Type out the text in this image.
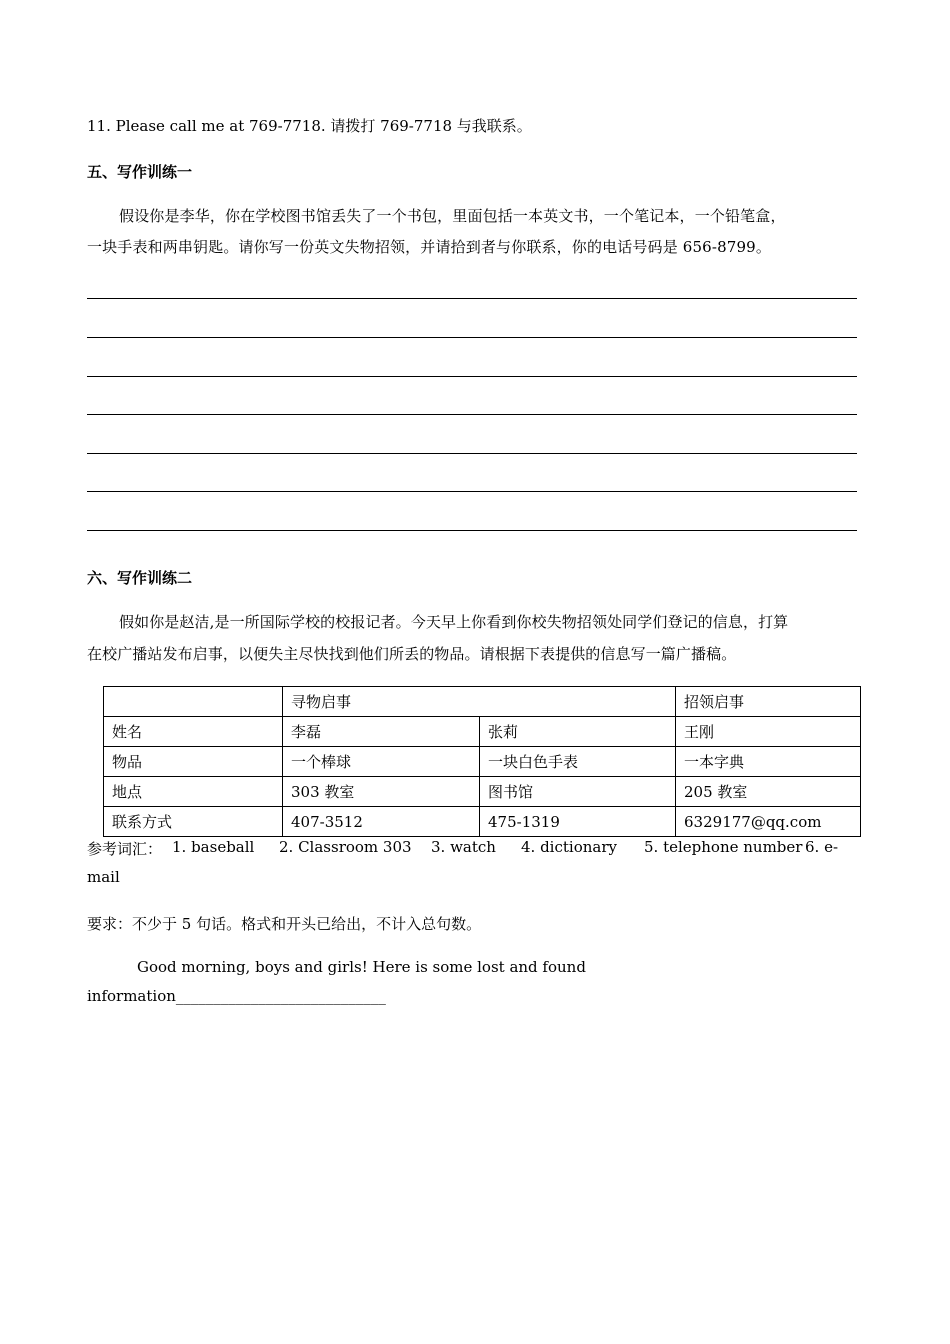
11. Please call me at 769-7718. 请拨打 769-7718 与我联系。
五、写作训练一
假设你是李华，你在学校图书馆丢失了一个书包，里面包括一本英文书，一个笔记本，一个铅笔盒，
一块手表和两串钥匙。请你写一份英文失物招领，并请拾到者与你联系，你的电话号码是 656-8799。
六、写作训练二
假如你是赵洁,是一所国际学校的校报记者。今天早上你看到你校失物招领处同学们登记的信息，打算
在校广播站发布启事，以便失主尽快找到他们所丢的物品。请根据下表提供的信息写一篇广播稿。
	寻物启事		招领启事
姓名	李磊	张莉	王刚
物品	一个棒球	一块白色手表	一本字典
地点	303 教室	图书馆	205 教室
联系方式	407-3512	475-1319	6329177@qq.com
参考词汇： 1. baseball 2. Classroom 303 3. watch 4. dictionary 5. telephone number 6. e-
mail
要求：不少于 5 句话。格式和开头已给出，不计入总句数。
Good morning, boys and girls! Here is some lost and found
information____________________________
